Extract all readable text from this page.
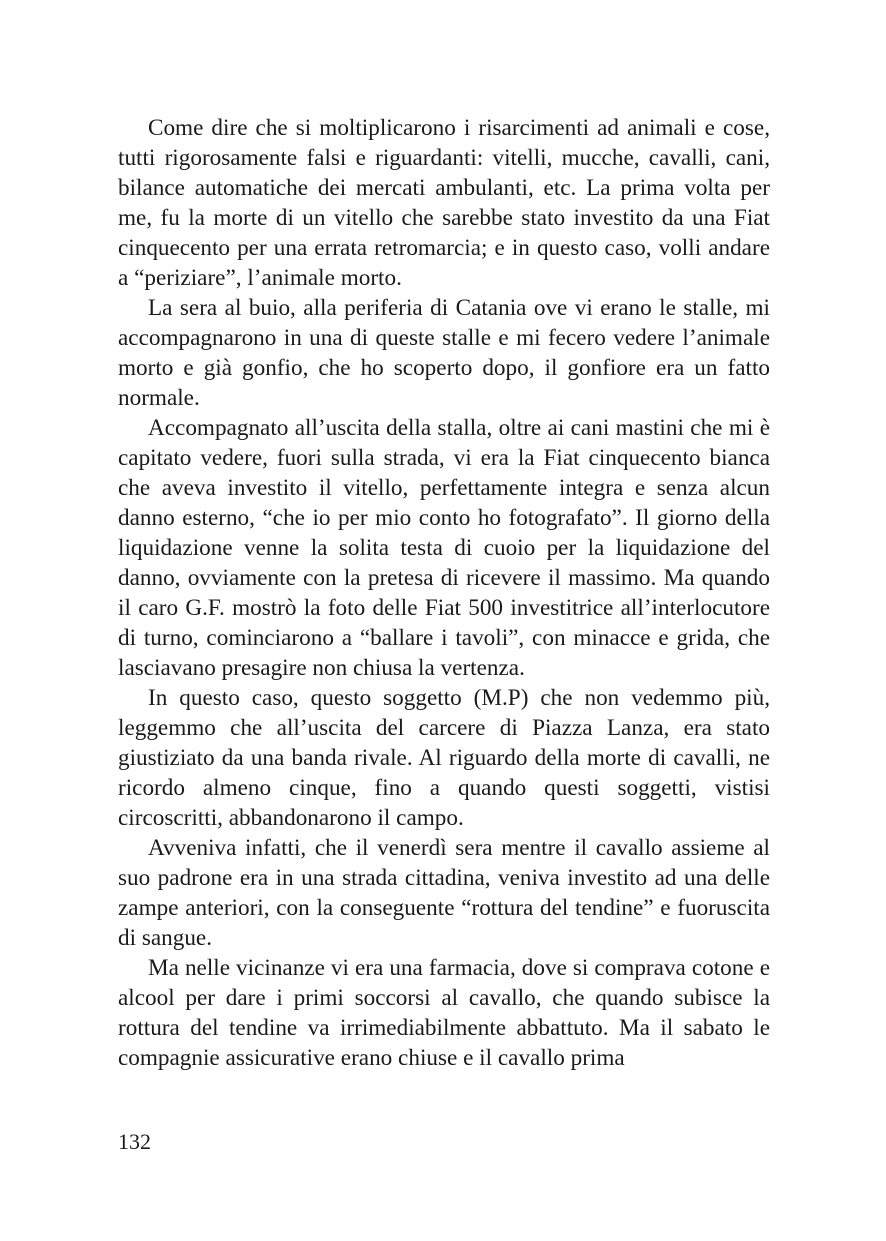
Come dire che si moltiplicarono i risarcimenti ad animali e cose, tutti rigorosamente falsi e riguardanti: vitelli, mucche, cavalli, cani, bilance automatiche dei mercati ambulanti, etc. La prima volta per me, fu la morte di un vitello che sarebbe stato investito da una Fiat cinquecento per una errata retromarcia; e in questo caso, volli andare a “periziare”, l’animale morto.

La sera al buio, alla periferia di Catania ove vi erano le stalle, mi accompagnarono in una di queste stalle e mi fecero vedere l’animale morto e già gonfio, che ho scoperto dopo, il gonfiore era un fatto normale.

Accompagnato all’uscita della stalla, oltre ai cani mastini che mi è capitato vedere, fuori sulla strada, vi era la Fiat cinquecento bianca che aveva investito il vitello, perfettamente integra e senza alcun danno esterno, “che io per mio conto ho fotografato”. Il giorno della liquidazione venne la solita testa di cuoio per la liquidazione del danno, ovviamente con la pretesa di ricevere il massimo. Ma quando il caro G.F. mostrò la foto delle Fiat 500 investitrice all’interlocutore di turno, cominciarono a “ballare i tavoli”, con minacce e grida, che lasciavano presagire non chiusa la vertenza.

In questo caso, questo soggetto (M.P) che non vedemmo più, leggemmo che all’uscita del carcere di Piazza Lanza, era stato giustiziato da una banda rivale. Al riguardo della morte di cavalli, ne ricordo almeno cinque, fino a quando questi soggetti, vistisi circoscritti, abbandonarono il campo.

Avveniva infatti, che il venerdì sera mentre il cavallo assieme al suo padrone era in una strada cittadina, veniva investito ad una delle zampe anteriori, con la conseguente “rottura del tendine” e fuoruscita di sangue.

Ma nelle vicinanze vi era una farmacia, dove si comprava cotone e alcool per dare i primi soccorsi al cavallo, che quando subisce la rottura del tendine va irrimediabilmente abbattuto. Ma il sabato le compagnie assicurative erano chiuse e il cavallo prima

132
